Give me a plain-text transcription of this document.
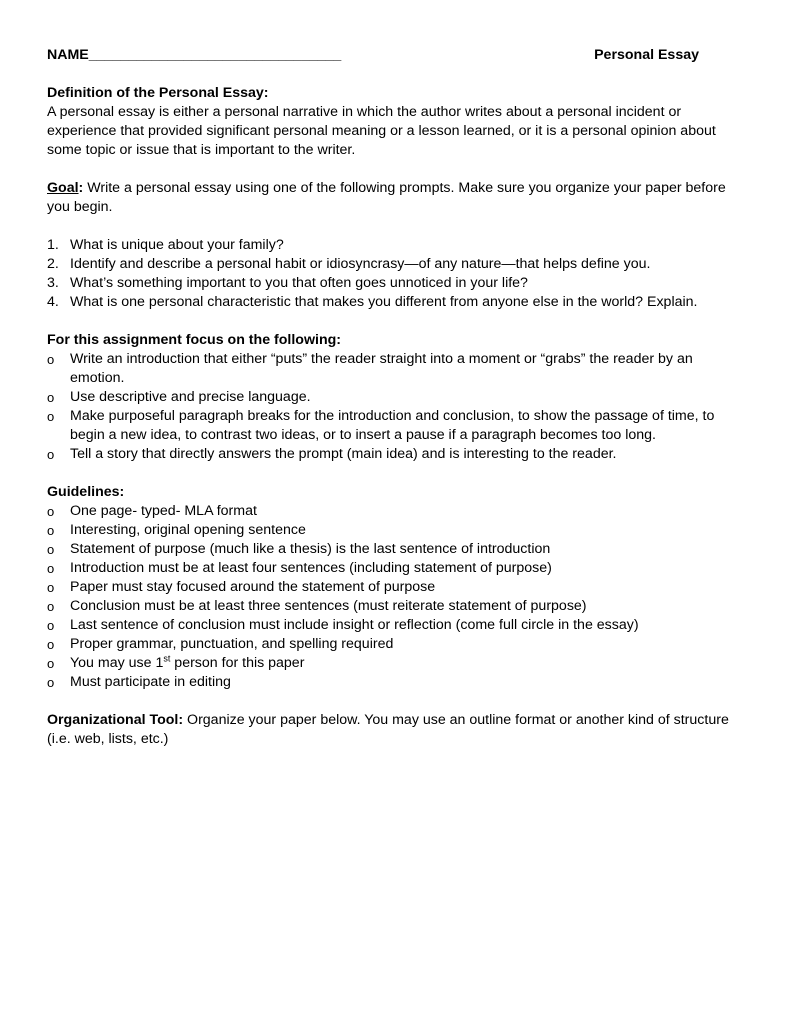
NAME________________________________	Personal Essay

Definition of the Personal Essay:

A personal essay is either a personal narrative in which the author writes about a personal incident or experience that provided significant personal meaning or a lesson learned, or it is a personal opinion about some topic or issue that is important to the writer.

Goal: Write a personal essay using one of the following prompts. Make sure you organize your paper before you begin.

1. What is unique about your family?
2. Identify and describe a personal habit or idiosyncrasy—of any nature—that helps define you.
3. What’s something important to you that often goes unnoticed in your life?
4. What is one personal characteristic that makes you different from anyone else in the world? Explain.

For this assignment focus on the following:

o Write an introduction that either “puts” the reader straight into a moment or “grabs” the reader by an emotion.
o Use descriptive and precise language.
o Make purposeful paragraph breaks for the introduction and conclusion, to show the passage of time, to begin a new idea, to contrast two ideas, or to insert a pause if a paragraph becomes too long.
o Tell a story that directly answers the prompt (main idea) and is interesting to the reader.

Guidelines:

o One page- typed- MLA format
o Interesting, original opening sentence
o Statement of purpose (much like a thesis) is the last sentence of introduction
o Introduction must be at least four sentences (including statement of purpose)
o Paper must stay focused around the statement of purpose
o Conclusion must be at least three sentences (must reiterate statement of purpose)
o Last sentence of conclusion must include insight or reflection (come full circle in the essay)
o Proper grammar, punctuation, and spelling required
o You may use 1st person for this paper
o Must participate in editing

Organizational Tool: Organize your paper below. You may use an outline format or another kind of structure (i.e. web, lists, etc.)
